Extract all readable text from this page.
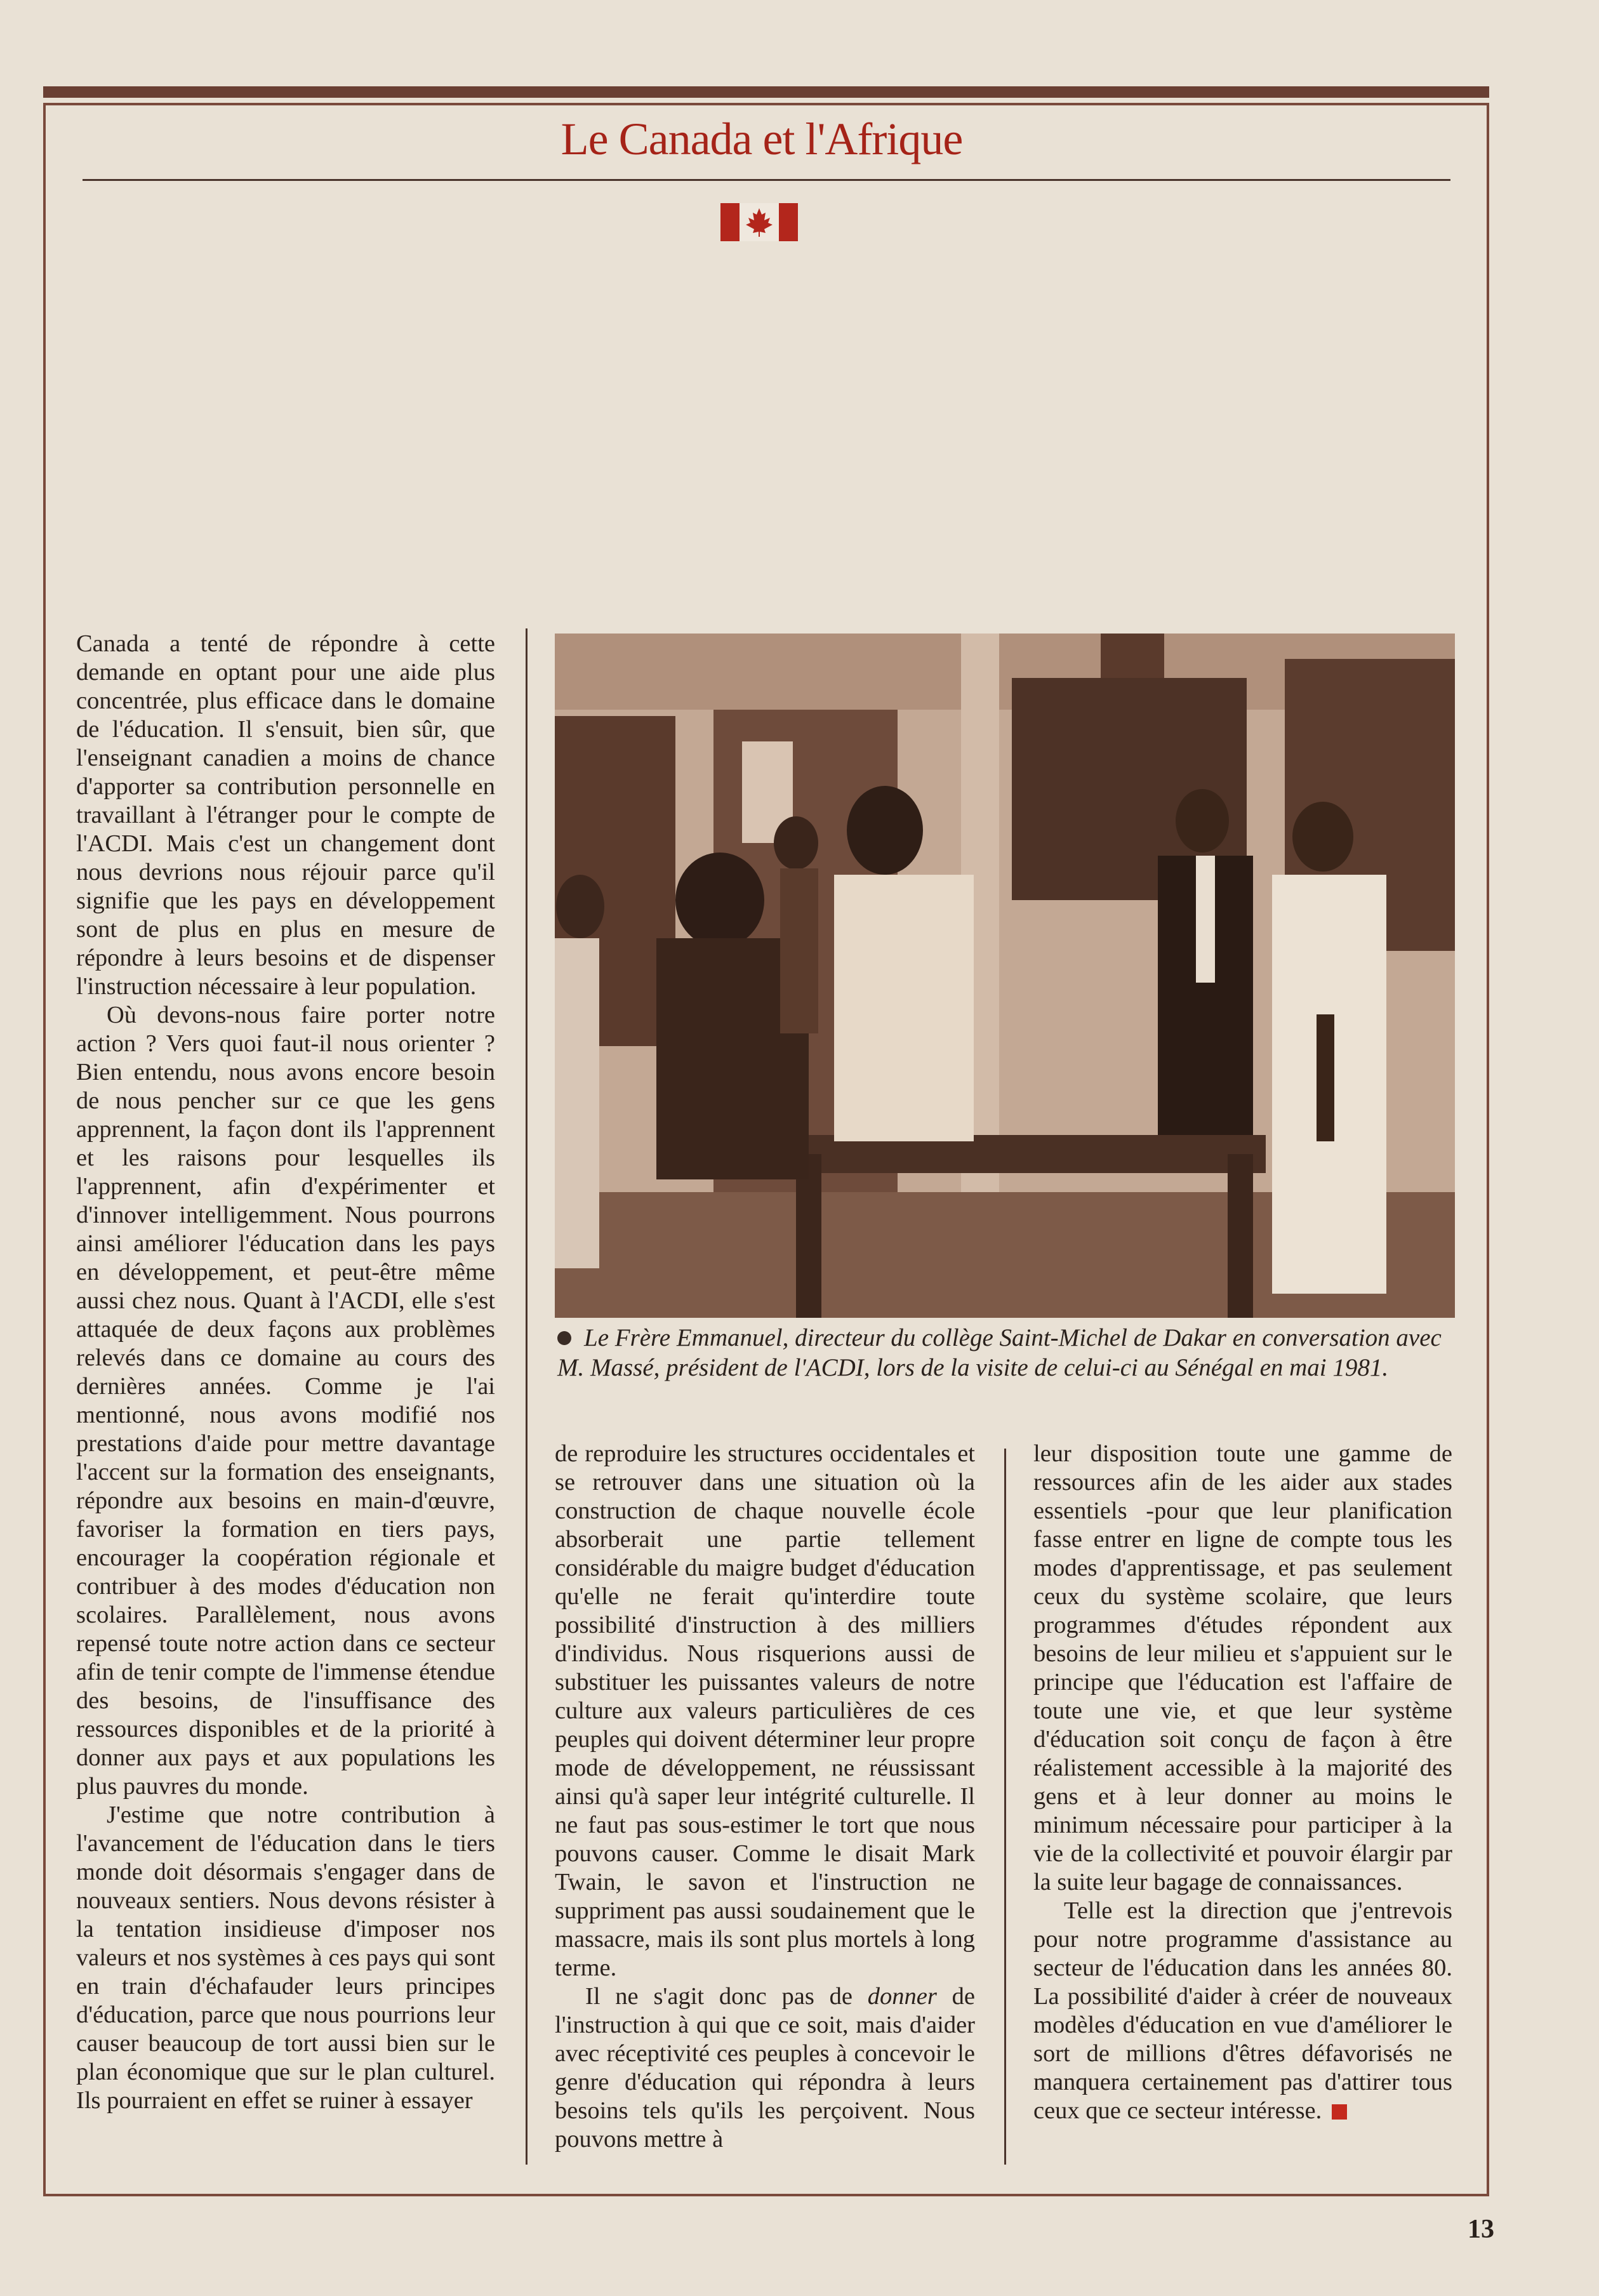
Le Canada et l'Afrique

Canada a tenté de répondre à cette demande en optant pour une aide plus concentrée, plus efficace dans le domaine de l'éducation. Il s'ensuit, bien sûr, que l'enseignant canadien a moins de chance d'apporter sa contribution personnelle en travaillant à l'étranger pour le compte de l'ACDI. Mais c'est un changement dont nous devrions nous réjouir parce qu'il signifie que les pays en développement sont de plus en plus en mesure de répondre à leurs besoins et de dispenser l'instruction nécessaire à leur population.

Où devons-nous faire porter notre action ? Vers quoi faut-il nous orienter ? Bien entendu, nous avons encore besoin de nous pencher sur ce que les gens apprennent, la façon dont ils l'apprennent et les raisons pour lesquelles ils l'apprennent, afin d'expérimenter et d'innover intelligemment. Nous pourrons ainsi améliorer l'éducation dans les pays en développement, et peut-être même aussi chez nous. Quant à l'ACDI, elle s'est attaquée de deux façons aux problèmes relevés dans ce domaine au cours des dernières années. Comme je l'ai mentionné, nous avons modifié nos prestations d'aide pour mettre davantage l'accent sur la formation des enseignants, répondre aux besoins en main-d'œuvre, favoriser la formation en tiers pays, encourager la coopération régionale et contribuer à des modes d'éducation non scolaires. Parallèlement, nous avons repensé toute notre action dans ce secteur afin de tenir compte de l'immense étendue des besoins, de l'insuffisance des ressources disponibles et de la priorité à donner aux pays et aux populations les plus pauvres du monde.

J'estime que notre contribution à l'avancement de l'éducation dans le tiers monde doit désormais s'engager dans de nouveaux sentiers. Nous devons résister à la tentation insidieuse d'imposer nos valeurs et nos systèmes à ces pays qui sont en train d'échafauder leurs principes d'éducation, parce que nous pourrions leur causer beaucoup de tort aussi bien sur le plan économique que sur le plan culturel. Ils pourraient en effet se ruiner à essayer

Le Frère Emmanuel, directeur du collège Saint-Michel de Dakar en conversation avec M. Massé, président de l'ACDI, lors de la visite de celui-ci au Sénégal en mai 1981.

de reproduire les structures occidentales et se retrouver dans une situation où la construction de chaque nouvelle école absorberait une partie tellement considérable du maigre budget d'éducation qu'elle ne ferait qu'interdire toute possibilité d'instruction à des milliers d'individus. Nous risquerions aussi de substituer les puissantes valeurs de notre culture aux valeurs particulières de ces peuples qui doivent déterminer leur propre mode de développement, ne réussissant ainsi qu'à saper leur intégrité culturelle. Il ne faut pas sous-estimer le tort que nous pouvons causer. Comme le disait Mark Twain, le savon et l'instruction ne suppriment pas aussi soudainement que le massacre, mais ils sont plus mortels à long terme.

Il ne s'agit donc pas de donner de l'instruction à qui que ce soit, mais d'aider avec réceptivité ces peuples à concevoir le genre d'éducation qui répondra à leurs besoins tels qu'ils les perçoivent. Nous pouvons mettre à

leur disposition toute une gamme de ressources afin de les aider aux stades essentiels -pour que leur planification fasse entrer en ligne de compte tous les modes d'apprentissage, et pas seulement ceux du système scolaire, que leurs programmes d'études répondent aux besoins de leur milieu et s'appuient sur le principe que l'éducation est l'affaire de toute une vie, et que leur système d'éducation soit conçu de façon à être réalistement accessible à la majorité des gens et à leur donner au moins le minimum nécessaire pour participer à la vie de la collectivité et pouvoir élargir par la suite leur bagage de connaissances.

Telle est la direction que j'entrevois pour notre programme d'assistance au secteur de l'éducation dans les années 80. La possibilité d'aider à créer de nouveaux modèles d'éducation en vue d'améliorer le sort de millions d'êtres défavorisés ne manquera certainement pas d'attirer tous ceux que ce secteur intéresse.

13
